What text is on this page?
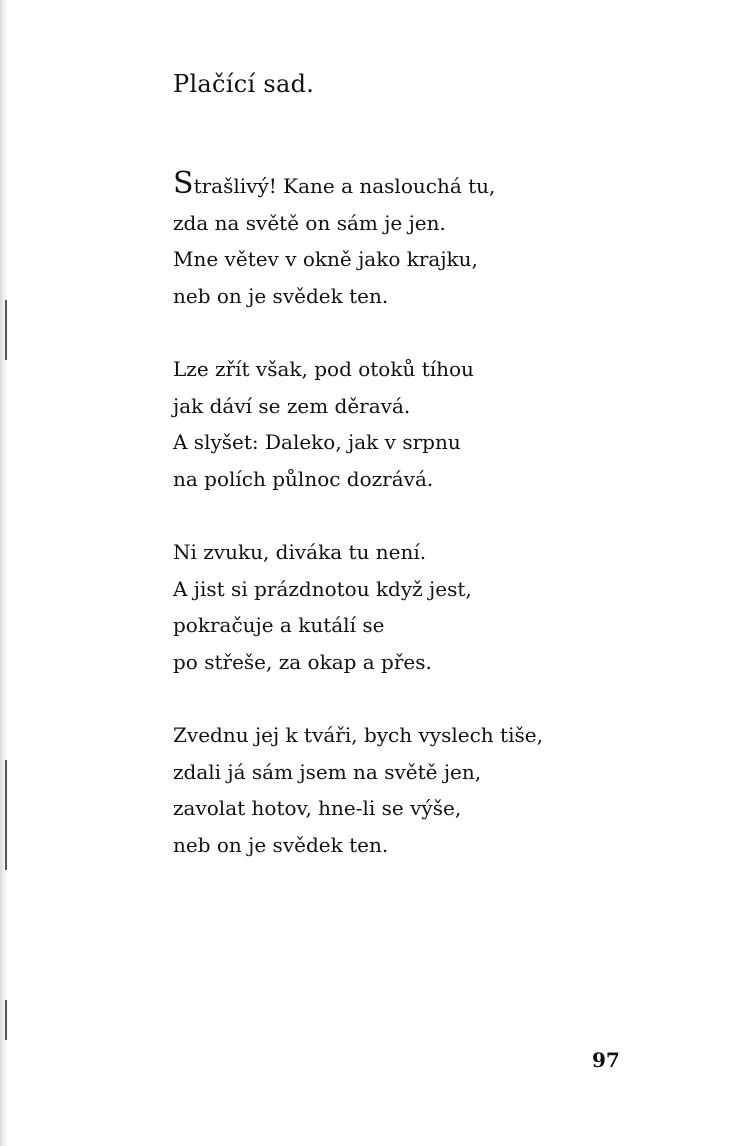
Plačící sad.
Strašlivý! Kane a naslouchá tu,
zda na světě on sám je jen.
Mne větev v okně jako krajku,
neb on je svědek ten.
Lze zřít však, pod otoků tíhou
jak dáví se zem děravá.
A slyšet: Daleko, jak v srpnu
na polích půlnoc dozrává.
Ni zvuku, diváka tu není.
A jist si prázdnotou když jest,
pokračuje a kutálí se
po střeše, za okap a přes.
Zvednu jej k tváři, bych vyslech tiše,
zdali já sám jsem na světě jen,
zavolat hotov, hne-li se výše,
neb on je svědek ten.
97
